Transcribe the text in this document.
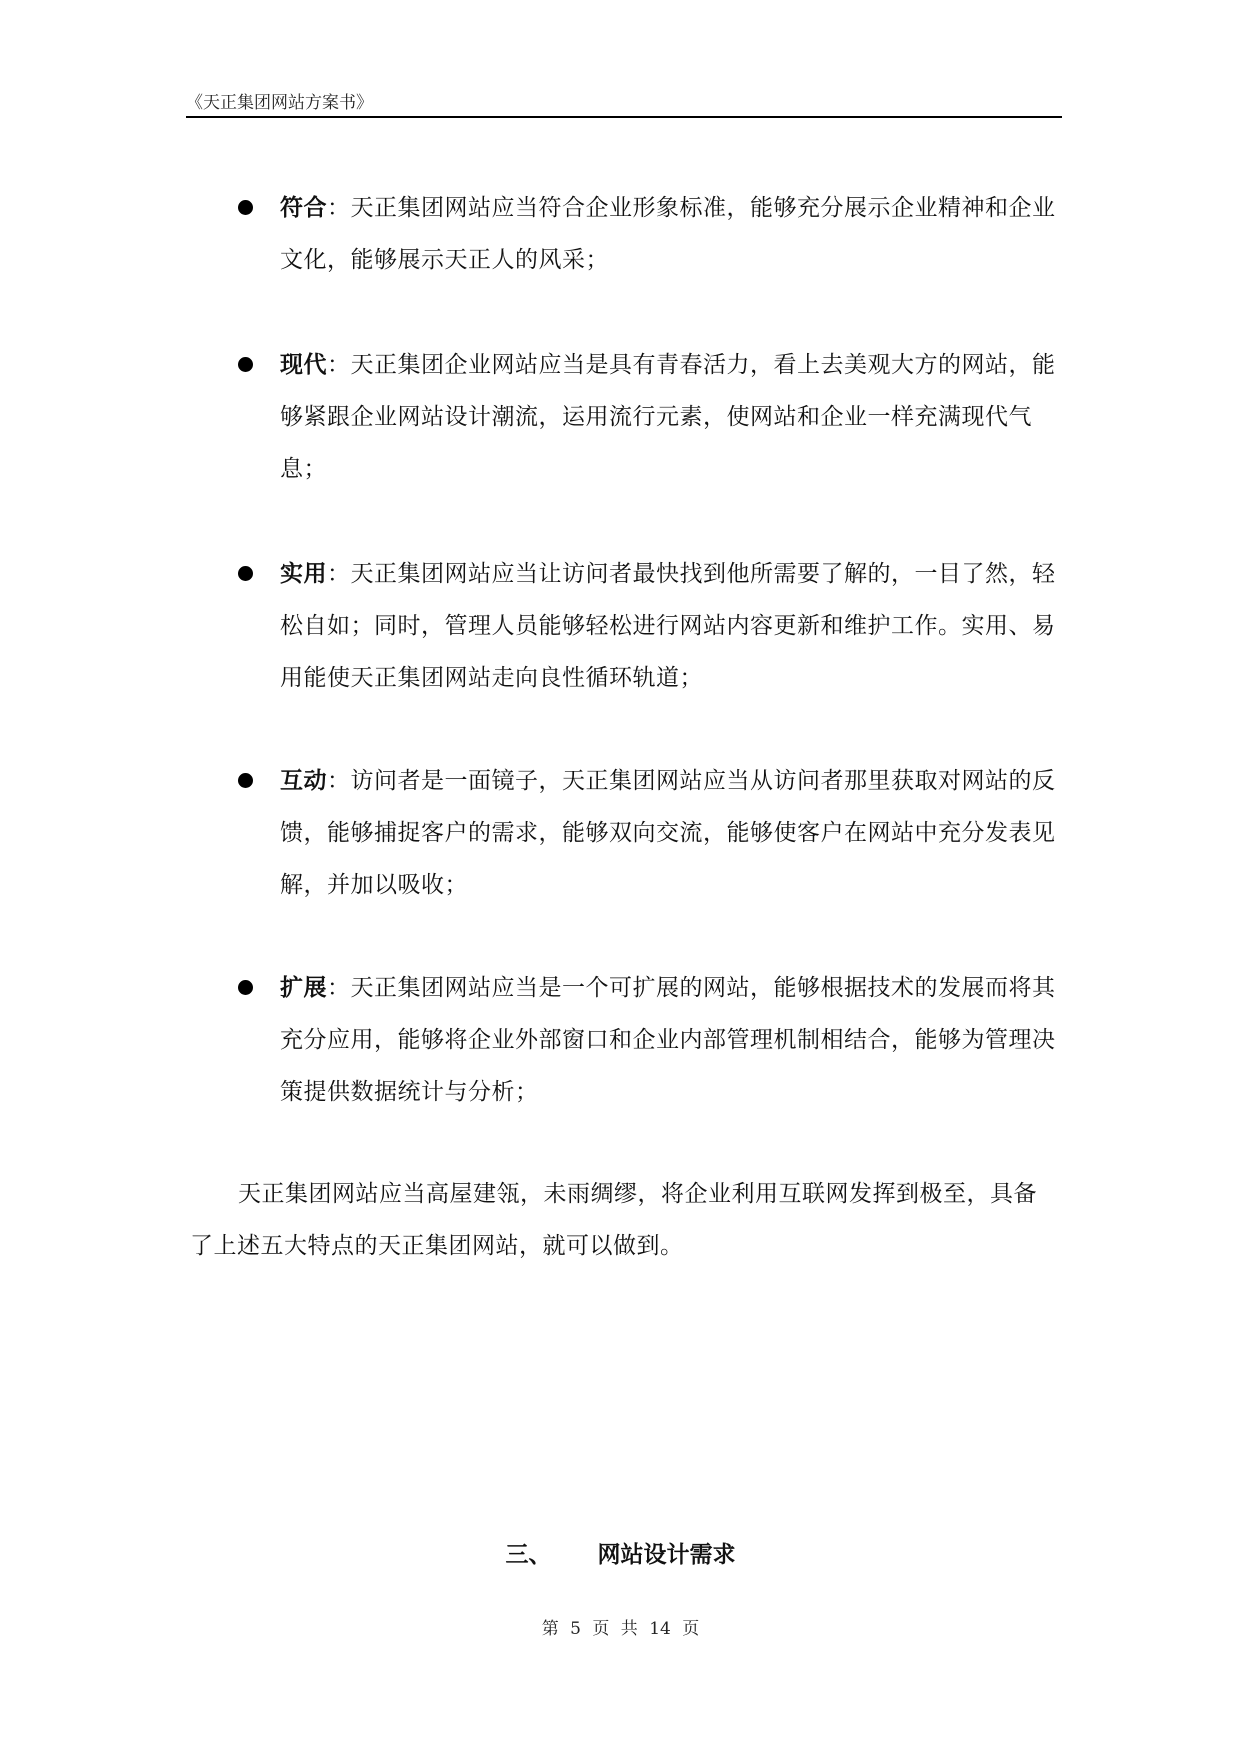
《天正集团网站方案书》
符合：天正集团网站应当符合企业形象标准，能够充分展示企业精神和企业文化，能够展示天正人的风采；
现代：天正集团企业网站应当是具有青春活力，看上去美观大方的网站，能够紧跟企业网站设计潮流，运用流行元素，使网站和企业一样充满现代气息；
实用：天正集团网站应当让访问者最快找到他所需要了解的，一目了然，轻松自如；同时，管理人员能够轻松进行网站内容更新和维护工作。实用、易用能使天正集团网站走向良性循环轨道；
互动：访问者是一面镜子，天正集团网站应当从访问者那里获取对网站的反馈，能够捕捉客户的需求，能够双向交流，能够使客户在网站中充分发表见解，并加以吸收；
扩展：天正集团网站应当是一个可扩展的网站，能够根据技术的发展而将其充分应用，能够将企业外部窗口和企业内部管理机制相结合，能够为管理决策提供数据统计与分析；
天正集团网站应当高屋建瓴，未雨绸缪，将企业利用互联网发挥到极至，具备了上述五大特点的天正集团网站，就可以做到。
三、 网站设计需求
第 5 页 共 14 页
